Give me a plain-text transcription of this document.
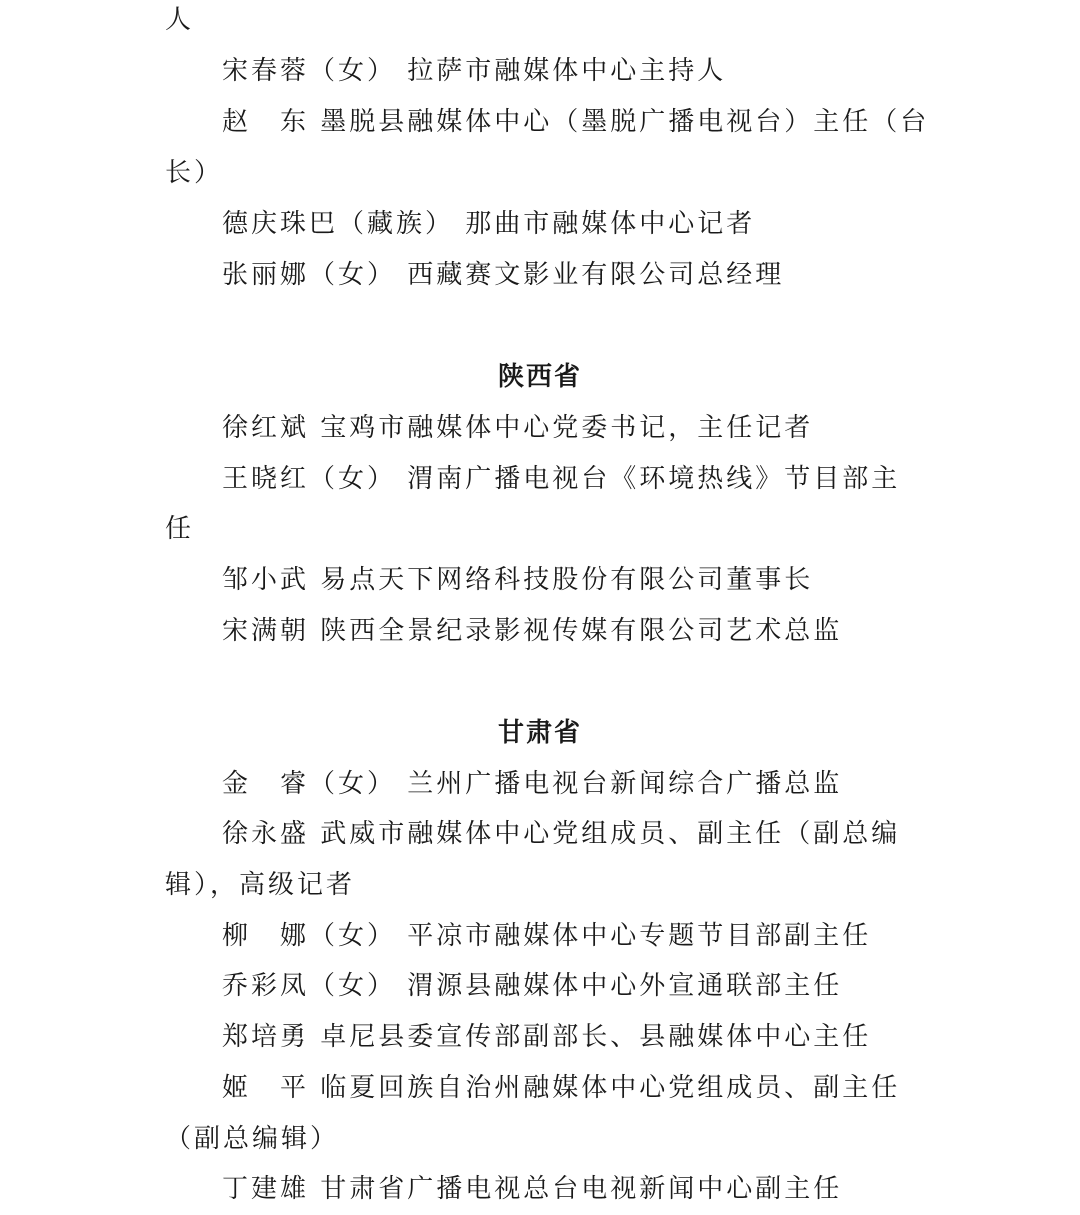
人
宋春蓉（女） 拉萨市融媒体中心主持人
赵　东 墨脱县融媒体中心（墨脱广播电视台）主任（台
长）
德庆珠巴（藏族） 那曲市融媒体中心记者
张丽娜（女） 西藏赛文影业有限公司总经理
陕西省
徐红斌 宝鸡市融媒体中心党委书记，主任记者
王晓红（女） 渭南广播电视台《环境热线》节目部主
任
邹小武 易点天下网络科技股份有限公司董事长
宋满朝 陕西全景纪录影视传媒有限公司艺术总监
甘肃省
金　睿（女） 兰州广播电视台新闻综合广播总监
徐永盛 武威市融媒体中心党组成员、副主任（副总编
辑），高级记者
柳　娜（女） 平凉市融媒体中心专题节目部副主任
乔彩凤（女） 渭源县融媒体中心外宣通联部主任
郑培勇 卓尼县委宣传部副部长、县融媒体中心主任
姬　平 临夏回族自治州融媒体中心党组成员、副主任
（副总编辑）
丁建雄 甘肃省广播电视总台电视新闻中心副主任
